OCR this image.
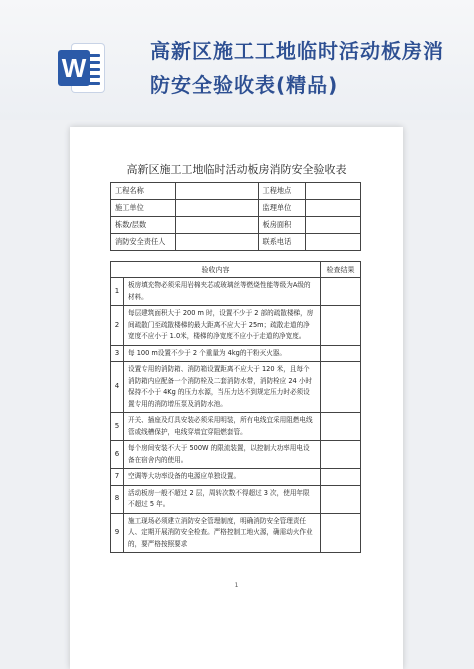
W
高新区施工工地临时活动板房消防安全验收表(精品)
高新区施工工地临时活动板房消防安全验收表
工程名称		工程地点	
施工单位		监理单位	
栋数/层数		板房面积	
消防安全责任人		联系电话	
验收内容		检查结果
1	板房填充物必须采用岩棉夹芯或玻璃丝等燃烧性能等级为A级的材料。	
2	每层建筑面积大于 200 m 时，设置不少于 2 部的疏散楼梯，房间疏散门至疏散楼梯的最大距离不应大于 25m；疏散走道的净宽度不应小于 1.0米，楼梯的净宽度不应小于走道的净宽度。	
3	每 100 m设置不少于 2 个重量为 4kg的干粉灭火器。	
4	设置专用的消防箱、消防箱设置距离不应大于 120 米，且每个消防箱内应配备一个消防栓及二套消防水带，消防栓应 24 小时保持不小于 4Kg 的压力水源，当压力达不到规定压力时必须设置专用的消防增压泵及消防水池。	
5	开关、插座及灯具安装必须采用明装，所有电线宜采用阻燃电线管或线槽保护，电线穿墙宜穿阻燃套管。	
6	每个房间安装不大于 500W 的限流装置，以控制大功率用电设备在宿舍内的使用。	
7	空调等大功率设备的电源应单独设置。	
8	活动板房一般不超过 2 层，周转次数不得超过 3 次，使用年限不超过 5 年。	
9	施工现场必须建立消防安全管理制度，明确消防安全管理责任人、定期开展消防安全检查。严格控制工地火源，确需动火作业的，要严格按照要求	
1
